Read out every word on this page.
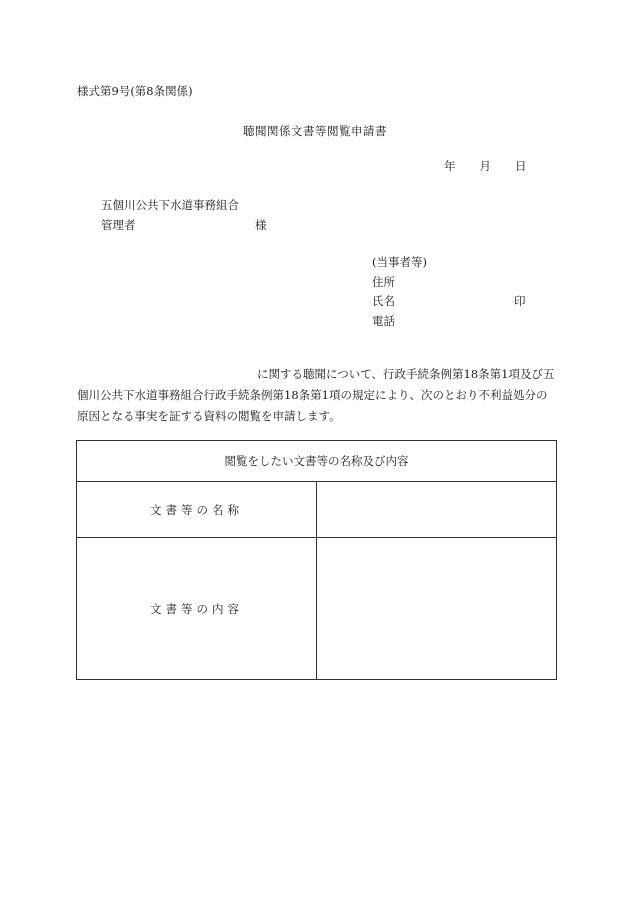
様式第9号(第8条関係)
聴聞関係文書等閲覧申請書
年 月 日
五個川公共下水道事務組合
管理者	様
(当事者等)
住所
氏名
電話
印
に関する聴聞について、行政手続条例第18条第1項及び五個川公共下水道事務組合行政手続条例第18条第1項の規定により、次のとおり不利益処分の原因となる事実を証する資料の閲覧を申請します。
閲覧をしたい文書等の名称及び内容	
文書等の名称	
文書等の内容	
